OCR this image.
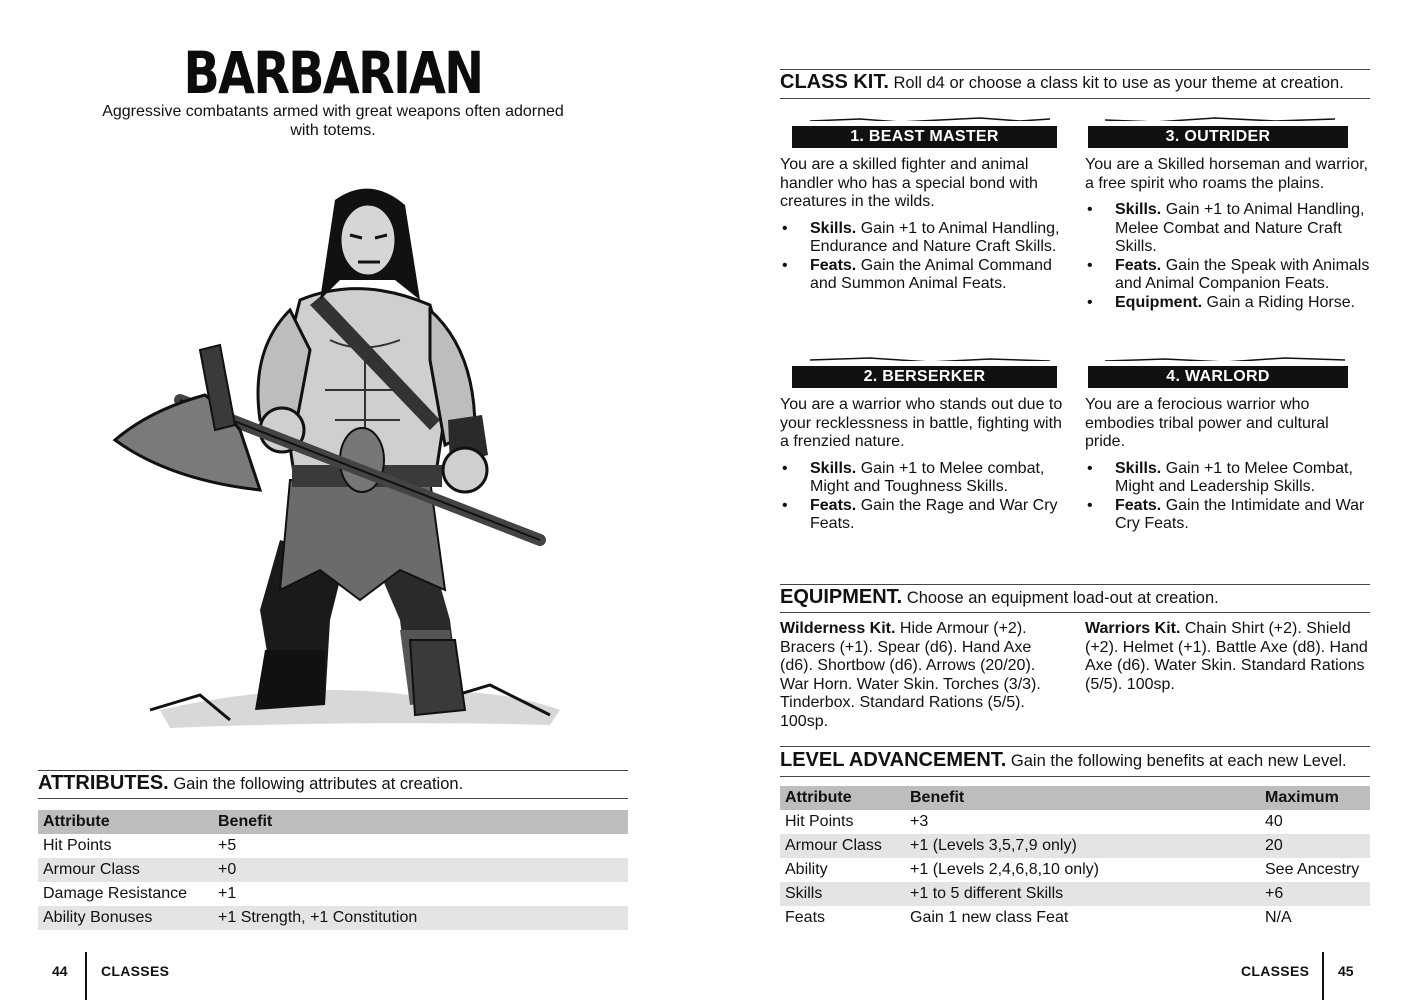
BARBARIAN
Aggressive combatants armed with great weapons often adorned with totems.
ATTRIBUTES. Gain the following attributes at creation.
Attribute	Benefit
Hit Points	+5
Armour Class	+0
Damage Resistance	+1
Ability Bonuses	+1 Strength, +1 Constitution
44 CLASSES
CLASS KIT. Roll d4 or choose a class kit to use as your theme at creation.
1. BEAST MASTER
You are a skilled fighter and animal handler who has a special bond with creatures in the wilds.
• Skills. Gain +1 to Animal Handling, Endurance and Nature Craft Skills.
• Feats. Gain the Animal Command and Summon Animal Feats.
3. OUTRIDER
You are a Skilled horseman and warrior, a free spirit who roams the plains.
• Skills. Gain +1 to Animal Handling, Melee Combat and Nature Craft Skills.
• Feats. Gain the Speak with Animals and Animal Companion Feats.
• Equipment. Gain a Riding Horse.
2. BERSERKER
You are a warrior who stands out due to your recklessness in battle, fighting with a frenzied nature.
• Skills. Gain +1 to Melee combat, Might and Toughness Skills.
• Feats. Gain the Rage and War Cry Feats.
4. WARLORD
You are a ferocious warrior who embodies tribal power and cultural pride.
• Skills. Gain +1 to Melee Combat, Might and Leadership Skills.
• Feats. Gain the Intimidate and War Cry Feats.
EQUIPMENT. Choose an equipment load-out at creation.
Wilderness Kit. Hide Armour (+2). Bracers (+1). Spear (d6). Hand Axe (d6). Shortbow (d6). Arrows (20/20). War Horn. Water Skin. Torches (3/3). Tinderbox. Standard Rations (5/5). 100sp.
Warriors Kit. Chain Shirt (+2). Shield (+2). Helmet (+1). Battle Axe (d8). Hand Axe (d6). Water Skin. Standard Rations (5/5). 100sp.
LEVEL ADVANCEMENT. Gain the following benefits at each new Level.
Attribute	Benefit	Maximum
Hit Points	+3	40
Armour Class	+1 (Levels 3,5,7,9 only)	20
Ability	+1 (Levels 2,4,6,8,10 only)	See Ancestry
Skills	+1 to 5 different Skills	+6
Feats	Gain 1 new class Feat	N/A
CLASSES 45
